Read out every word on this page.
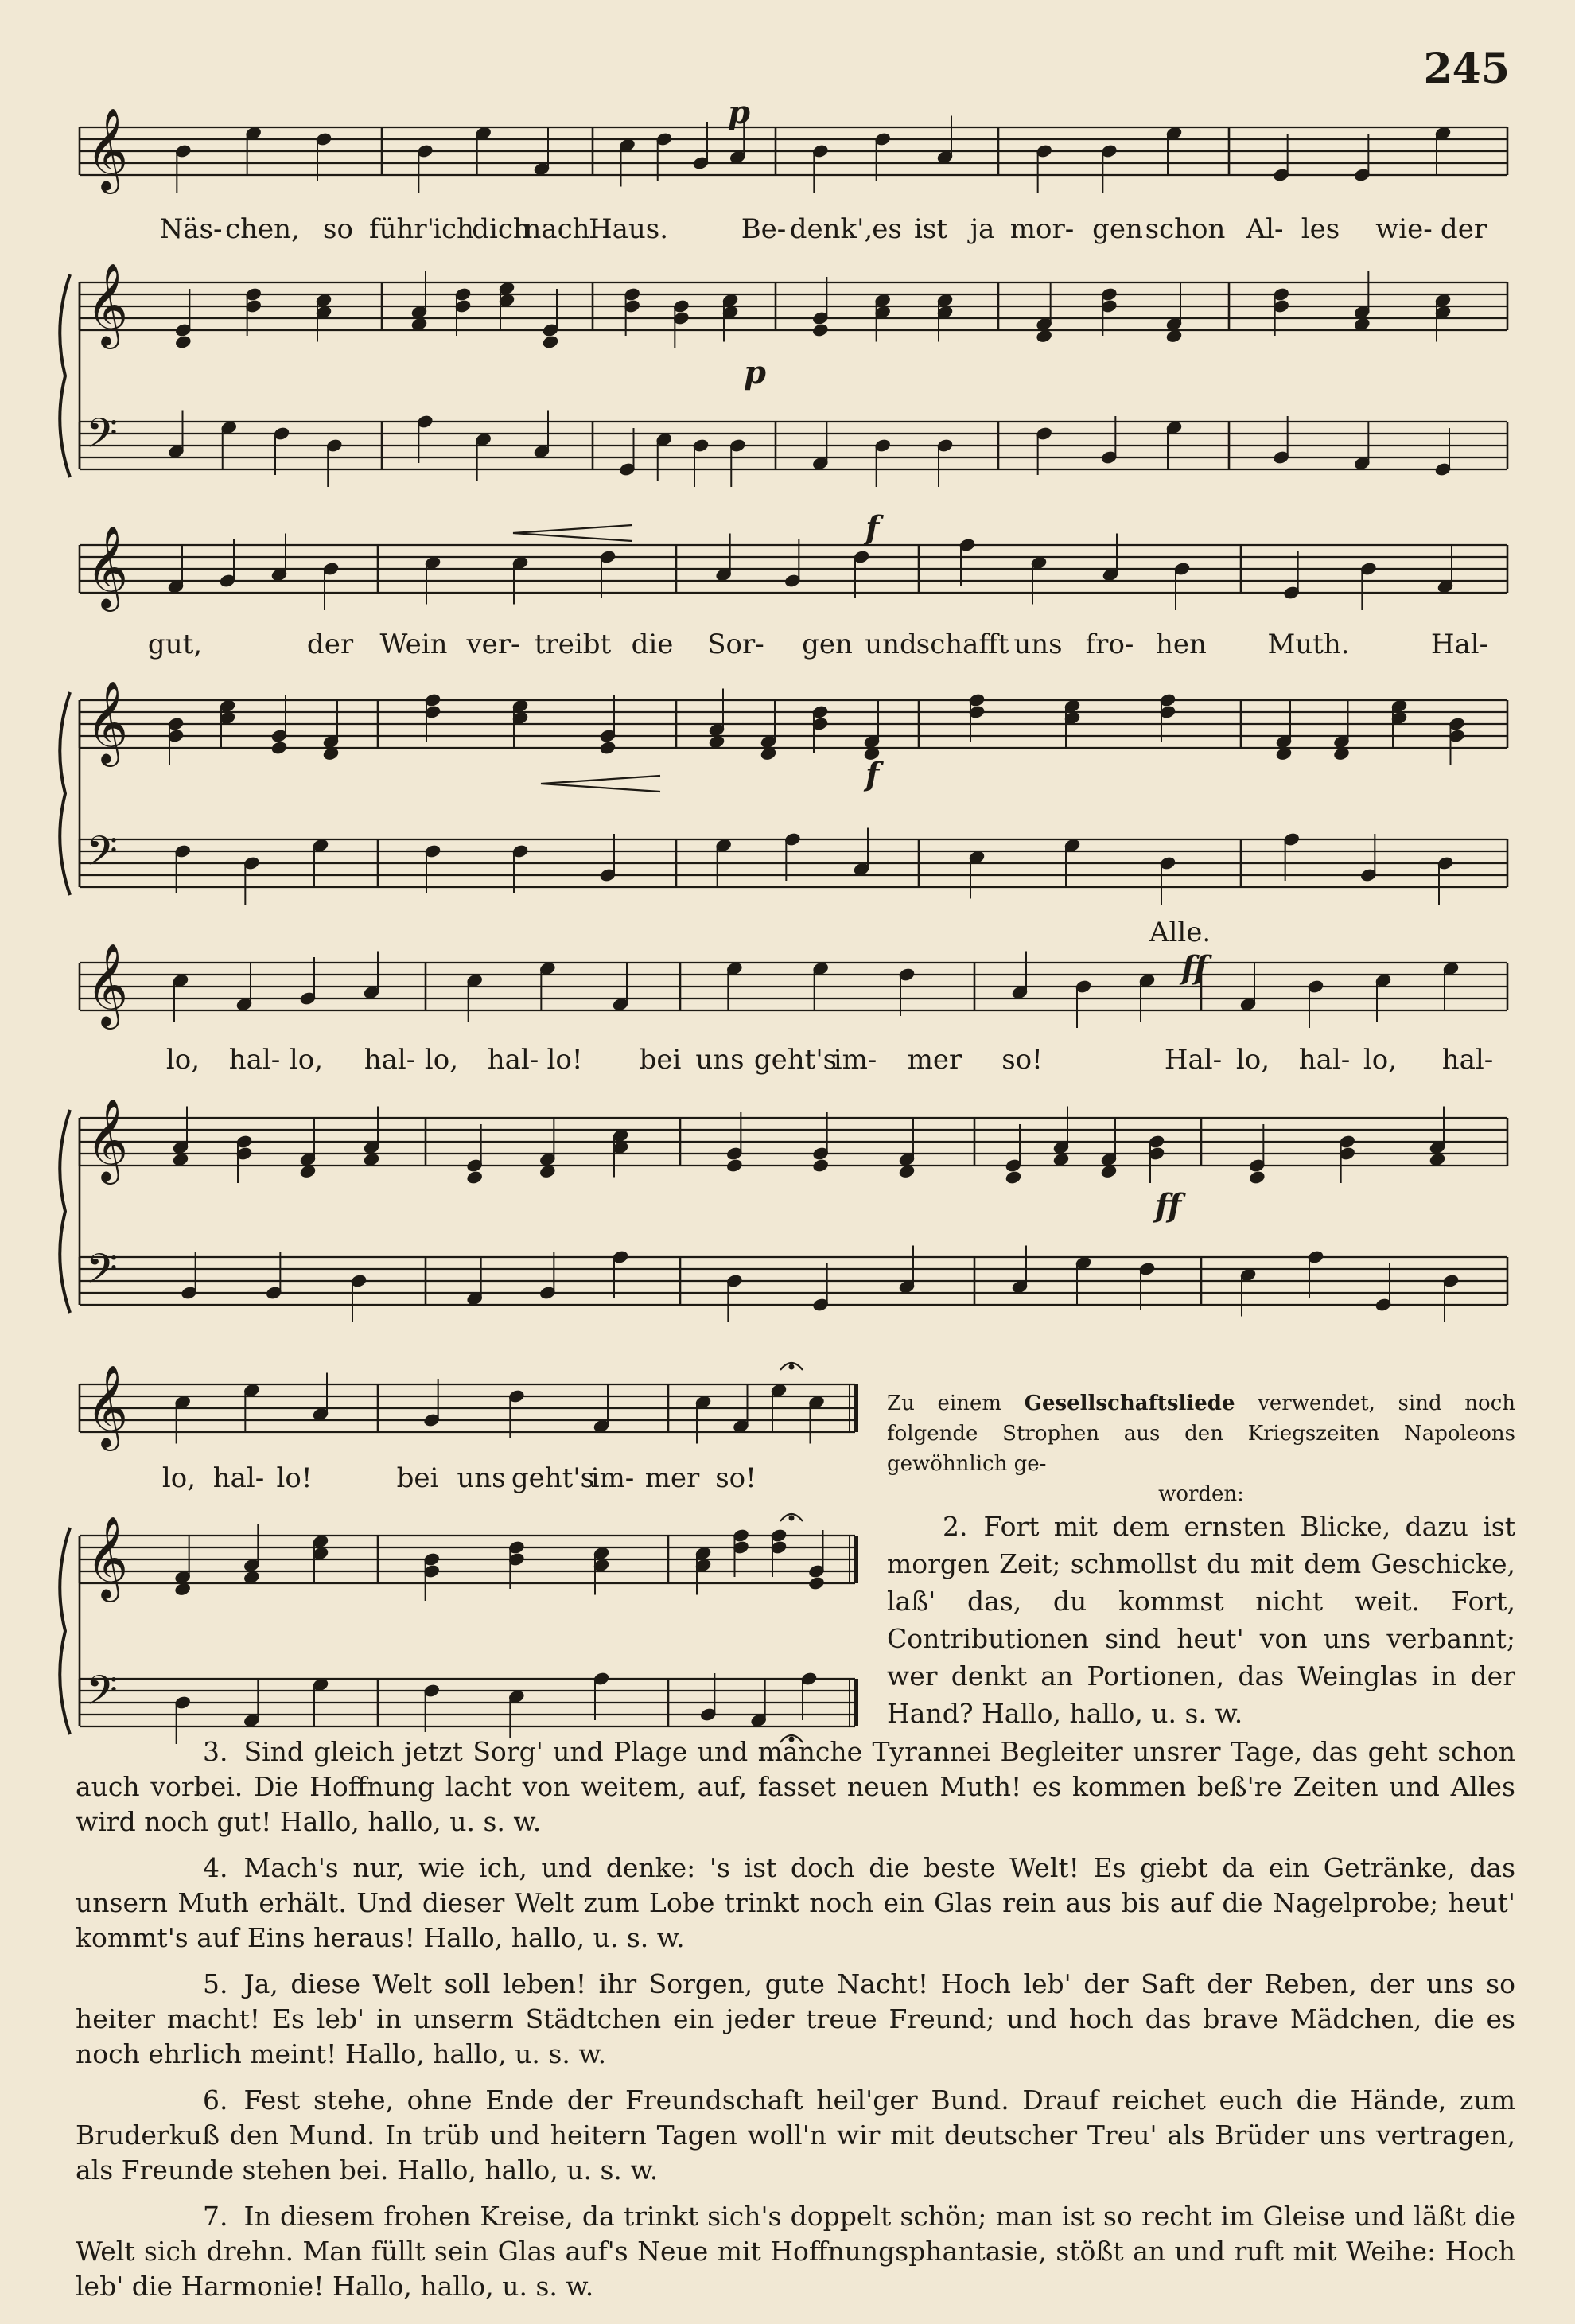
245
𝄞
𝄞
𝄢
𝄞
𝄞
𝄢
𝄞
𝄞
𝄢
𝄞
𝄞
𝄢
p
p
f
f
ff
ff
Alle.
Näs- chen, so führ'
ich
dich
nach
Haus.	Be- denk',
es ist ja mor- gen schon Al- les wie- der
gut,	der Wein ver- treibt die Sor- gen und
schafft uns fro- hen Muth.	Hal-
lo, hal- lo, hal- lo, hal- lo! bei uns geht's
im- mer so!	Hal- lo, hal- lo, hal-
lo, hal- lo!	bei uns geht's
im- mer so!
Zu einem Gesellschaftsliede verwendet, sind noch folgende Strophen aus den Kriegszeiten Napoleons gewöhnlich ge-
worden:
2. Fort mit dem ernsten Blicke, dazu ist morgen Zeit; schmollst du mit dem Geschicke, laß' das, du kommst nicht weit. Fort, Contributionen sind heut' von uns verbannt; wer denkt an Portionen, das Weinglas in der Hand? Hallo, hallo, u. s. w.

3. Sind gleich jetzt Sorg' und Plage und manche Tyrannei Begleiter unsrer Tage, das geht schon auch vorbei. Die Hoffnung lacht von weitem, auf, fasset neuen Muth! es kommen beß're Zeiten und Alles wird noch gut! Hallo, hallo, u. s. w.

4. Mach's nur, wie ich, und denke: 's ist doch die beste Welt! Es giebt da ein Getränke, das unsern Muth erhält. Und dieser Welt zum Lobe trinkt noch ein Glas rein aus bis auf die Nagelprobe; heut' kommt's auf Eins heraus! Hallo, hallo, u. s. w.

5. Ja, diese Welt soll leben! ihr Sorgen, gute Nacht! Hoch leb' der Saft der Reben, der uns so heiter macht! Es leb' in unserm Städtchen ein jeder treue Freund; und hoch das brave Mädchen, die es noch ehrlich meint! Hallo, hallo, u. s. w.

6. Fest stehe, ohne Ende der Freundschaft heil'ger Bund. Drauf reichet euch die Hände, zum Bruderkuß den Mund. In trüb und heitern Tagen woll'n wir mit deutscher Treu' als Brüder uns vertragen, als Freunde stehen bei. Hallo, hallo, u. s. w.

7. In diesem frohen Kreise, da trinkt sich's doppelt schön; man ist so recht im Gleise und läßt die Welt sich drehn. Man füllt sein Glas auf's Neue mit Hoffnungsphantasie, stößt an und ruft mit Weihe: Hoch leb' die Harmonie! Hallo, hallo, u. s. w.
